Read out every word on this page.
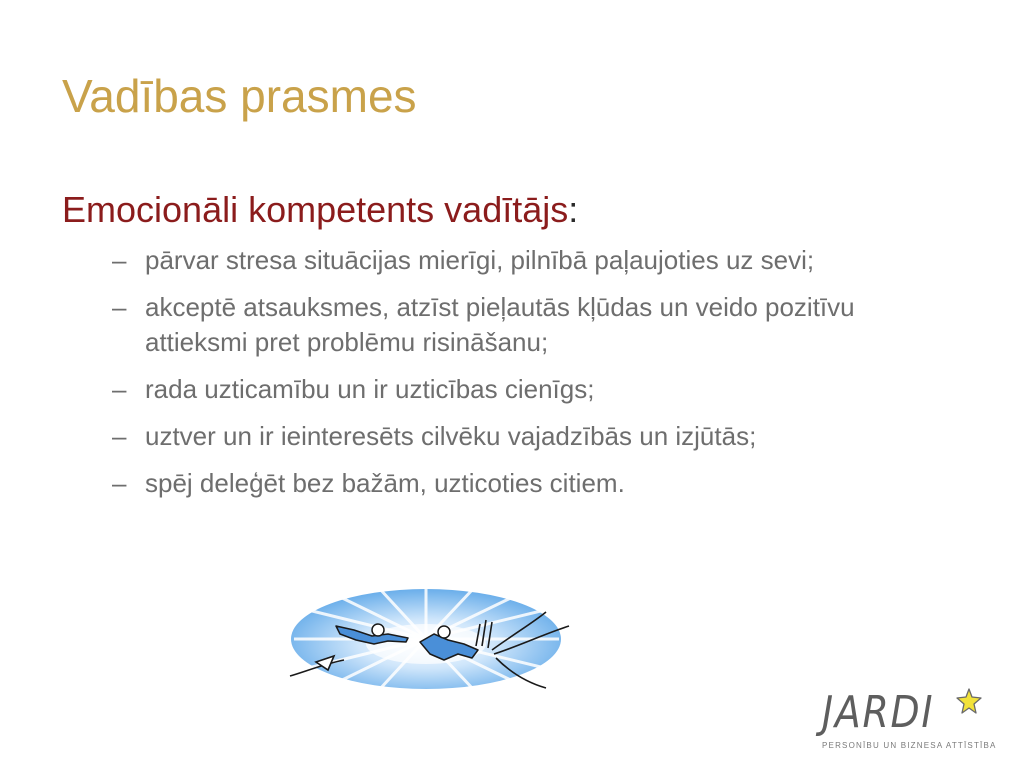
Vadības prasmes
Emocionāli kompetents vadītājs:
– pārvar stresa situācijas mierīgi, pilnībā paļaujoties uz sevi;
– akceptē atsauksmes, atzīst pieļautās kļūdas un veido pozitīvu attieksmi pret problēmu risināšanu;
– rada uzticamību un ir uzticības cienīgs;
– uztver un ir ieinteresēts cilvēku vajadzībās un izjūtās;
– spēj deleģēt bez bažām, uzticoties citiem.
JARDI
PERSONĪBU UN BIZNESA ATTĪSTĪBA
